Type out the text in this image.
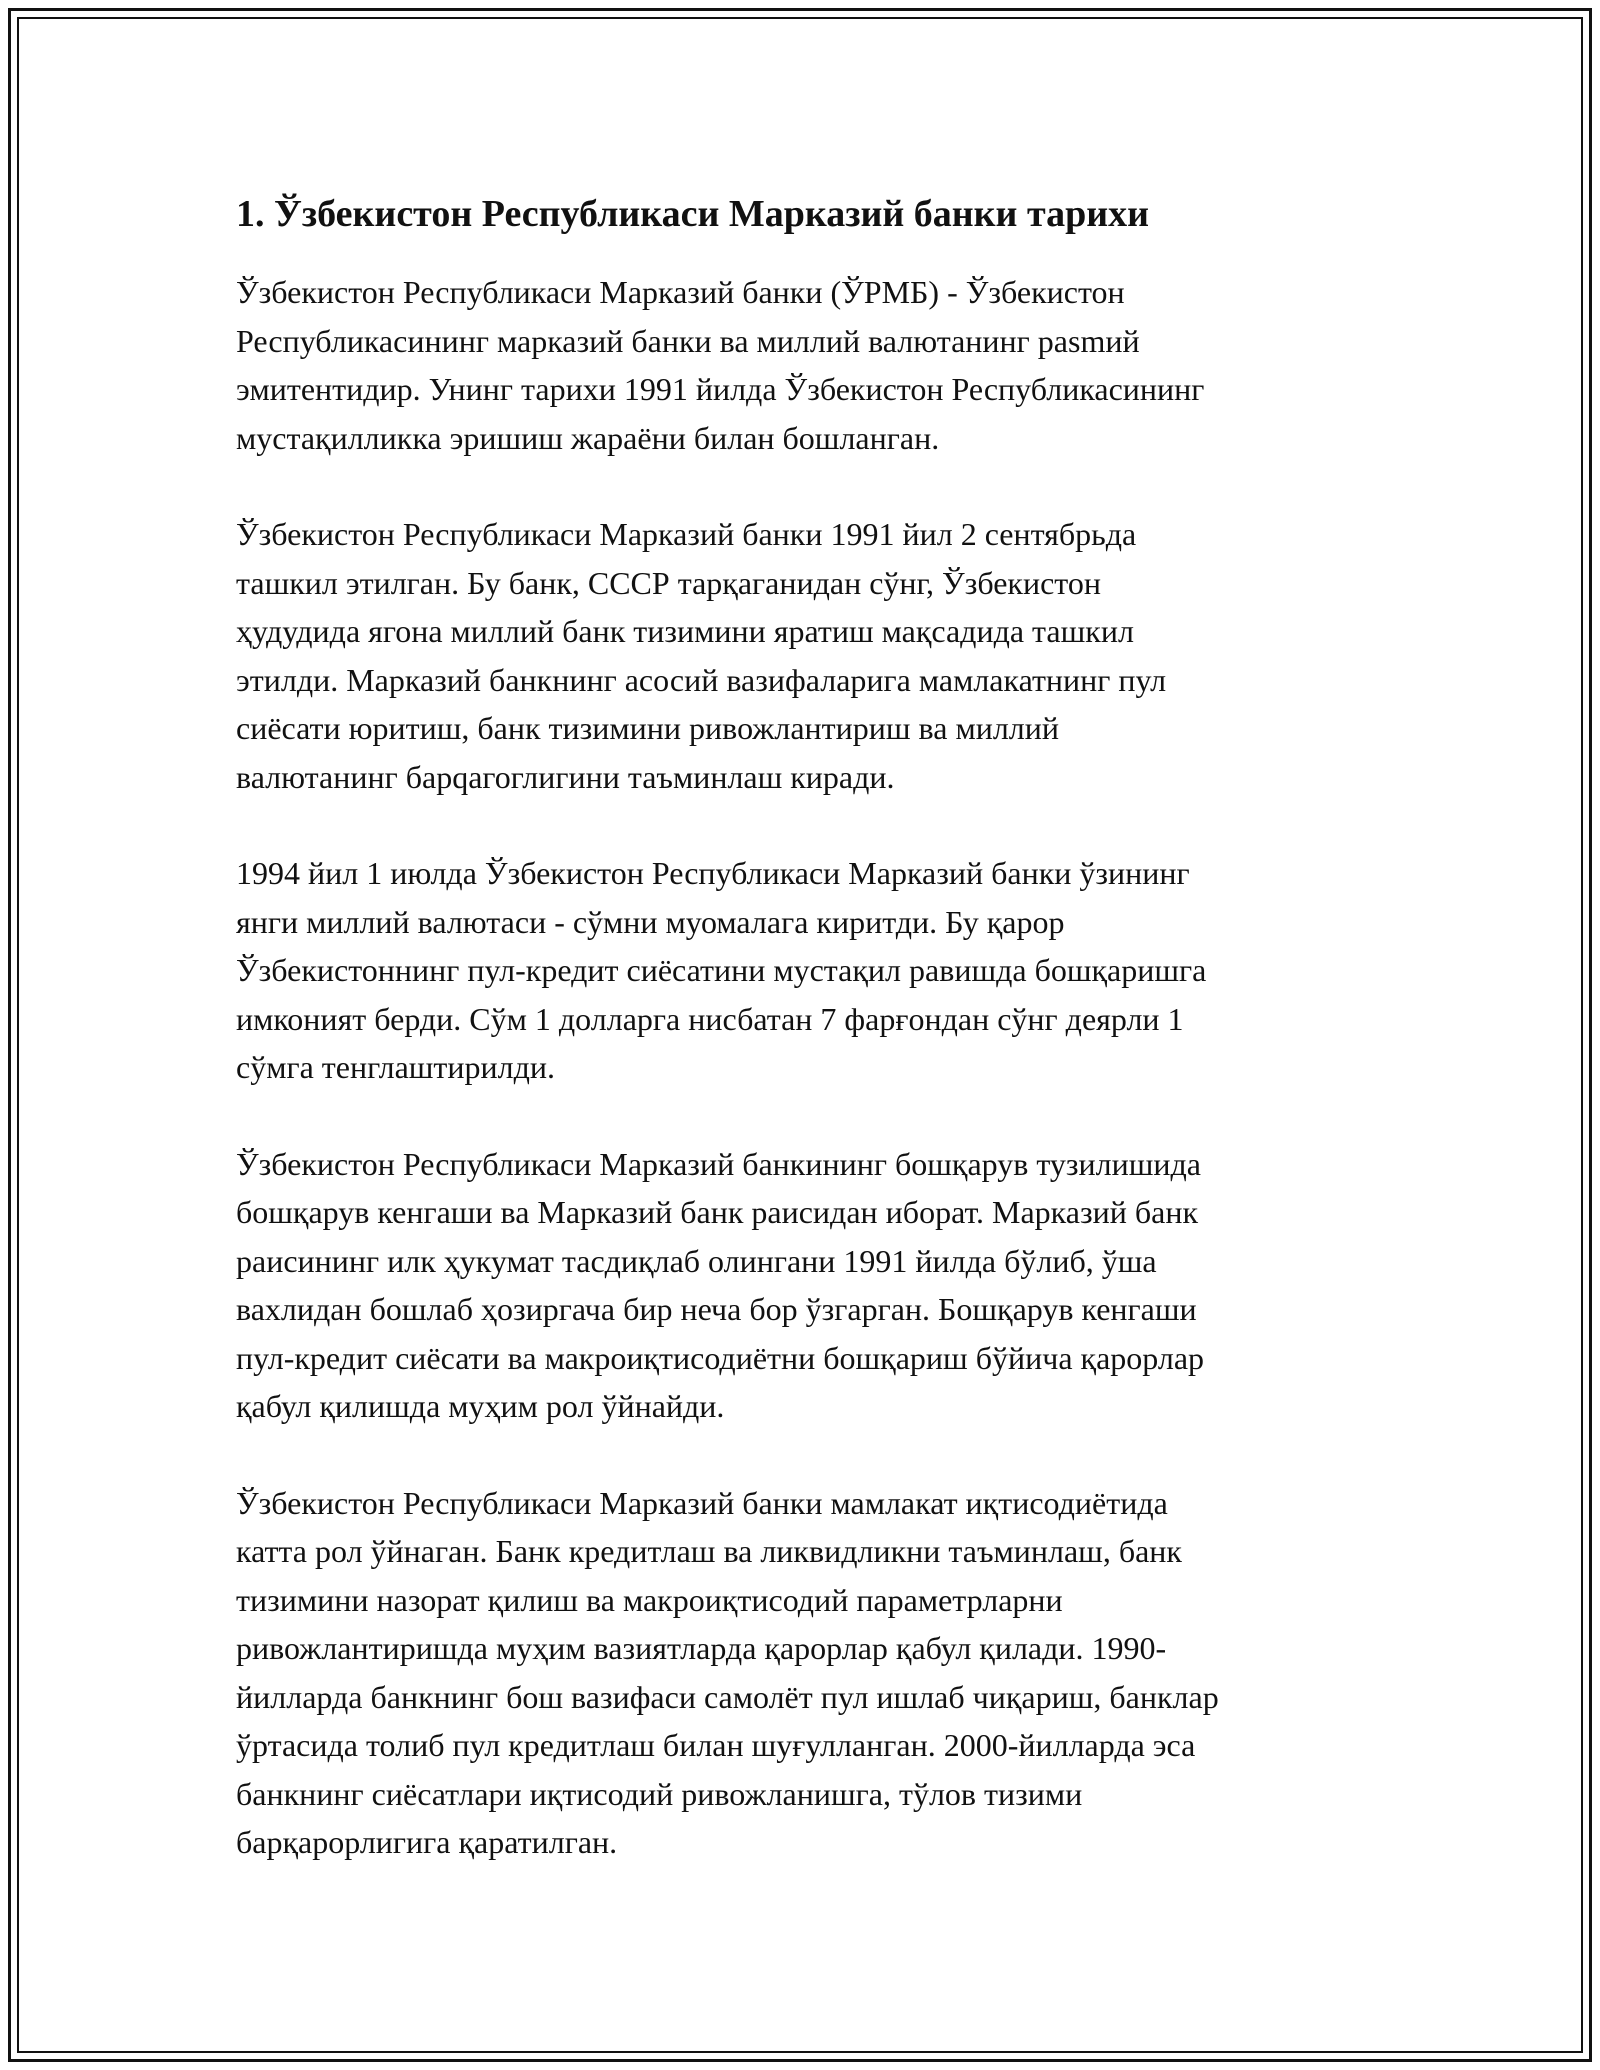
1. Ўзбекистон Республикаси Марказий банки тарихи

Ўзбекистон Республикаси Марказий банки (ЎРМБ) - Ўзбекистон
Республикасининг марказий банки ва миллий валютанинг pasmий
эмитентидир. Унинг тарихи 1991 йилда Ўзбекистон Республикасининг
мустақилликка эришиш жараёни билан бошланган.

Ўзбекистон Республикаси Марказий банки 1991 йил 2 сентябрьда
ташкил этилган. Бу банк, СССР тарқаганидан сўнг, Ўзбекистон
ҳудудида ягона миллий банк тизимини яратиш мақсадида ташкил
этилди. Марказий банкнинг асосий вазифаларига мамлакатнинг пул
сиёсати юритиш, банк тизимини ривожлантириш ва миллий
валютанинг барqагоглигини таъминлаш киради.

1994 йил 1 июлда Ўзбекистон Республикаси Марказий банки ўзининг
янги миллий валютаси - сўмни муомалага киритди. Бу қарор
Ўзбекистоннинг пул-кредит сиёсатини мустақил равишда бошқаришга
имконият берди. Сўм 1 долларга нисбатан 7 фарғондан сўнг деярли 1
сўмга тенглаштирилди.

Ўзбекистон Республикаси Марказий банкининг бошқарув тузилишида
бошқарув кенгаши ва Марказий банк раисидан иборат. Марказий банк
раисининг илк ҳукумат тасдиқлаб олингани 1991 йилда бўлиб, ўша
вахлидан бошлаб ҳозиргача бир неча бор ўзгарган. Бошқарув кенгаши
пул-кредит сиёсати ва макроиқтисодиётни бошқариш бўйича қарорлар
қабул қилишда муҳим рол ўйнайди.

Ўзбекистон Республикаси Марказий банки мамлакат иқтисодиётида
катта рол ўйнаган. Банк кредитлаш ва ликвидликни таъминлаш, банк
тизимини назорат қилиш ва макроиқтисодий параметрларни
ривожлантиришда муҳим вазиятларда қарорлар қабул қилади. 1990-
йилларда банкнинг бош вазифаси самолёт пул ишлаб чиқариш, банклар
ўртасида толиб пул кредитлаш билан шуғулланган. 2000-йилларда эса
банкнинг сиёсатлари иқтисодий ривожланишга, тўлов тизими
барқарорлигига қаратилган.
